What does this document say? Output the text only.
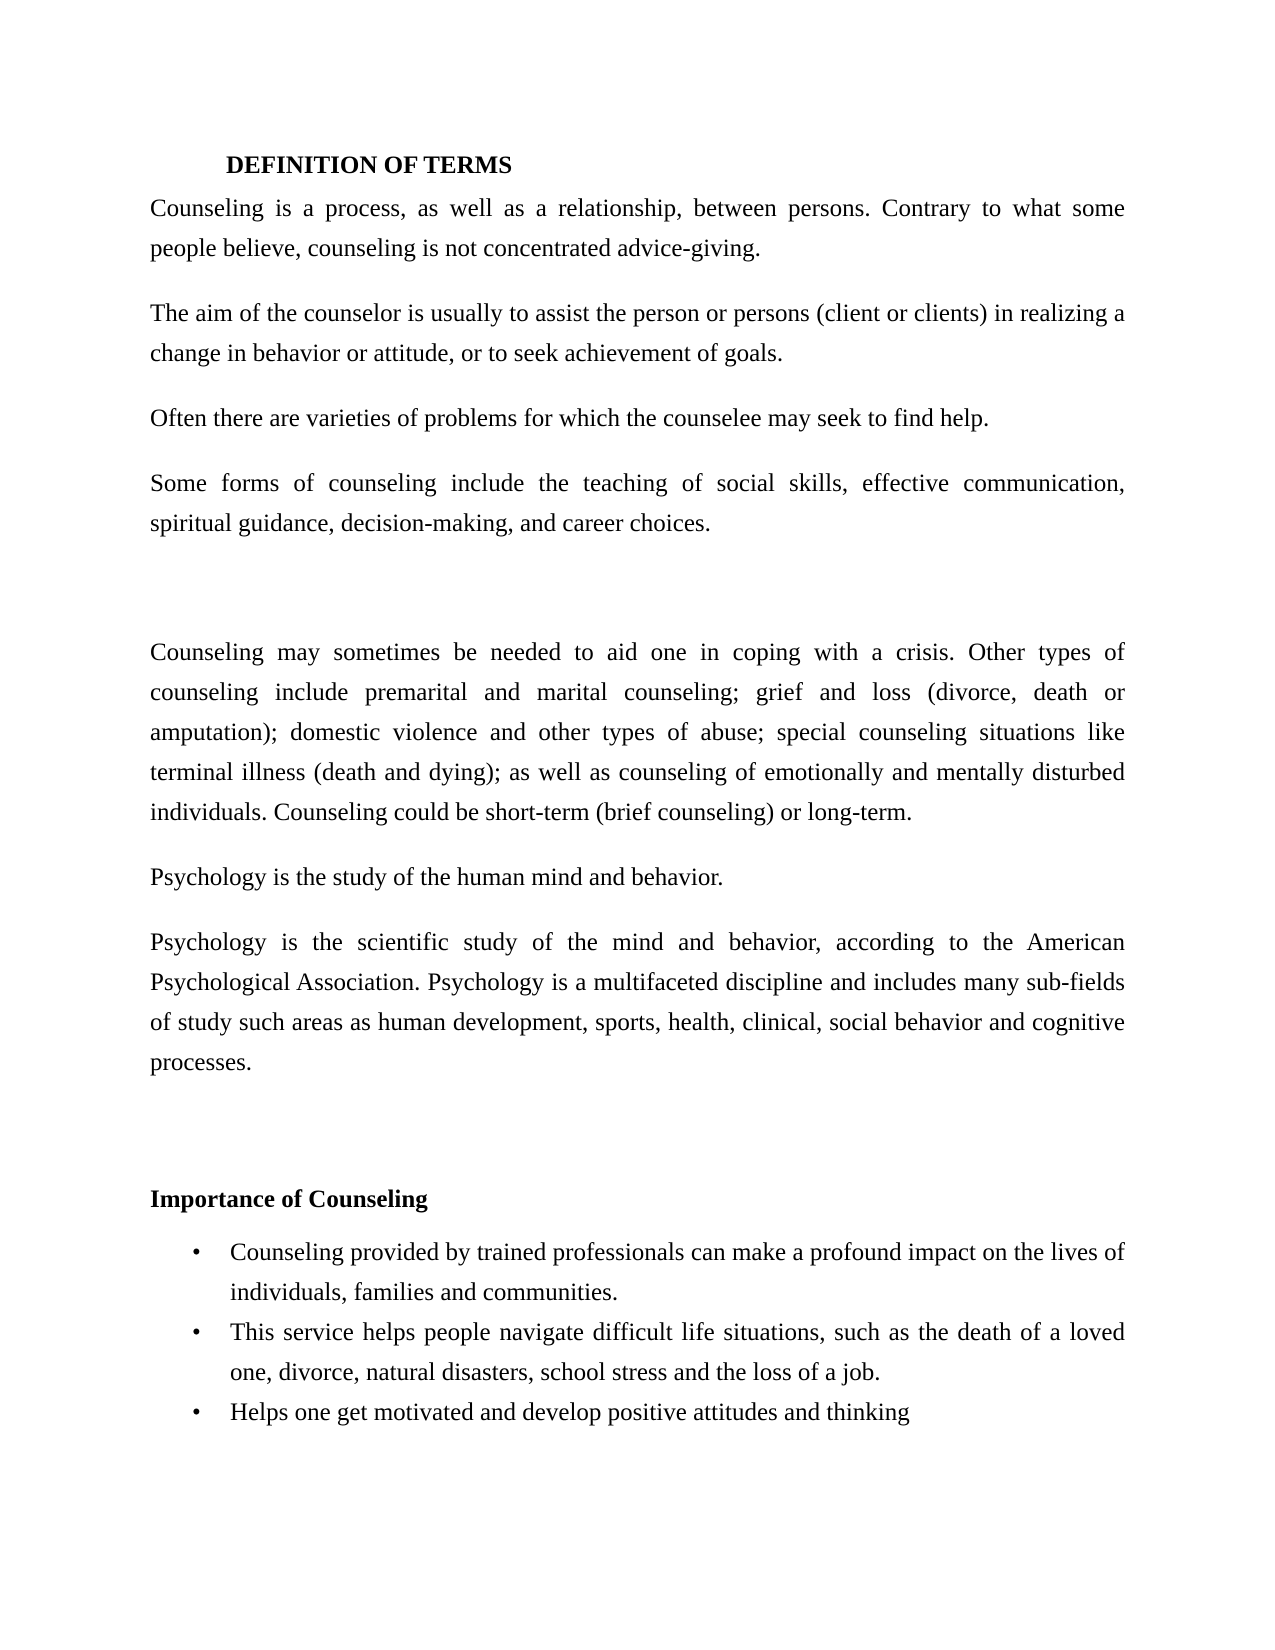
DEFINITION OF TERMS

Counseling is a process, as well as a relationship, between persons. Contrary to what some people believe, counseling is not concentrated advice-giving.

The aim of the counselor is usually to assist the person or persons (client or clients) in realizing a change in behavior or attitude, or to seek achievement of goals.

Often there are varieties of problems for which the counselee may seek to find help.

Some forms of counseling include the teaching of social skills, effective communication, spiritual guidance, decision-making, and career choices.

Counseling may sometimes be needed to aid one in coping with a crisis. Other types of counseling include premarital and marital counseling; grief and loss (divorce, death or amputation); domestic violence and other types of abuse; special counseling situations like terminal illness (death and dying); as well as counseling of emotionally and mentally disturbed individuals. Counseling could be short-term (brief counseling) or long-term.

Psychology is the study of the human mind and behavior.

Psychology is the scientific study of the mind and behavior, according to the American Psychological Association. Psychology is a multifaceted discipline and includes many sub-fields of study such areas as human development, sports, health, clinical, social behavior and cognitive processes.

Importance of Counseling
•	Counseling provided by trained professionals can make a profound impact on the lives of individuals, families and communities.
•	This service helps people navigate difficult life situations, such as the death of a loved one, divorce, natural disasters, school stress and the loss of a job.
•	Helps one get motivated and develop positive attitudes and thinking
